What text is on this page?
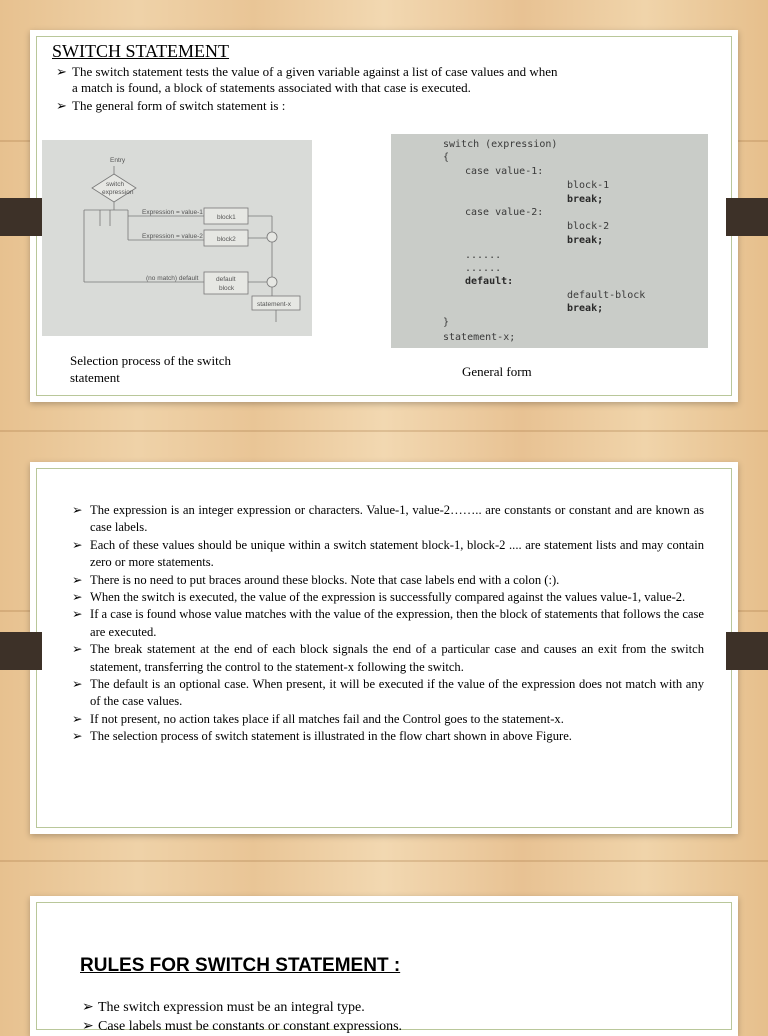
SWITCH STATEMENT
➢ The switch statement tests the value of a given variable against a list of case values and when
a match is found, a block of statements associated with that case is executed.
➢ The general form of switch statement is :
Entry
switch
expression
Expression = value-1
block1
Expression = value-2 block2
(no match) default	default
block
statement-x
switch (expression)
{
case value-1:
block-1
break;
case value-2:
block-2
break;
......
......
default:
default-block
break;
}
statement-x;
Selection process of the switch
statement	General form
➢ The expression is an integer expression or characters. Value-1, value-2…….. are constants or constant and are known as case labels.
➢ Each of these values should be unique within a switch statement block-1, block-2 .... are statement lists and may contain zero or more statements.
➢ There is no need to put braces around these blocks. Note that case labels end with a colon (:).
➢ When the switch is executed, the value of the expression is successfully compared against the values value-1, value-2.
➢ If a case is found whose value matches with the value of the expression, then the block of statements that follows the case are executed.
➢ The break statement at the end of each block signals the end of a particular case and causes an exit from the switch statement, transferring the control to the statement-x following the switch.
➢ The default is an optional case. When present, it will be executed if the value of the expression does not match with any of the case values.
➢ If not present, no action takes place if all matches fail and the Control goes to the statement-x.
➢ The selection process of switch statement is illustrated in the flow chart shown in above Figure.
RULES FOR SWITCH STATEMENT :
➢ The switch expression must be an integral type.
➢ Case labels must be constants or constant expressions.
